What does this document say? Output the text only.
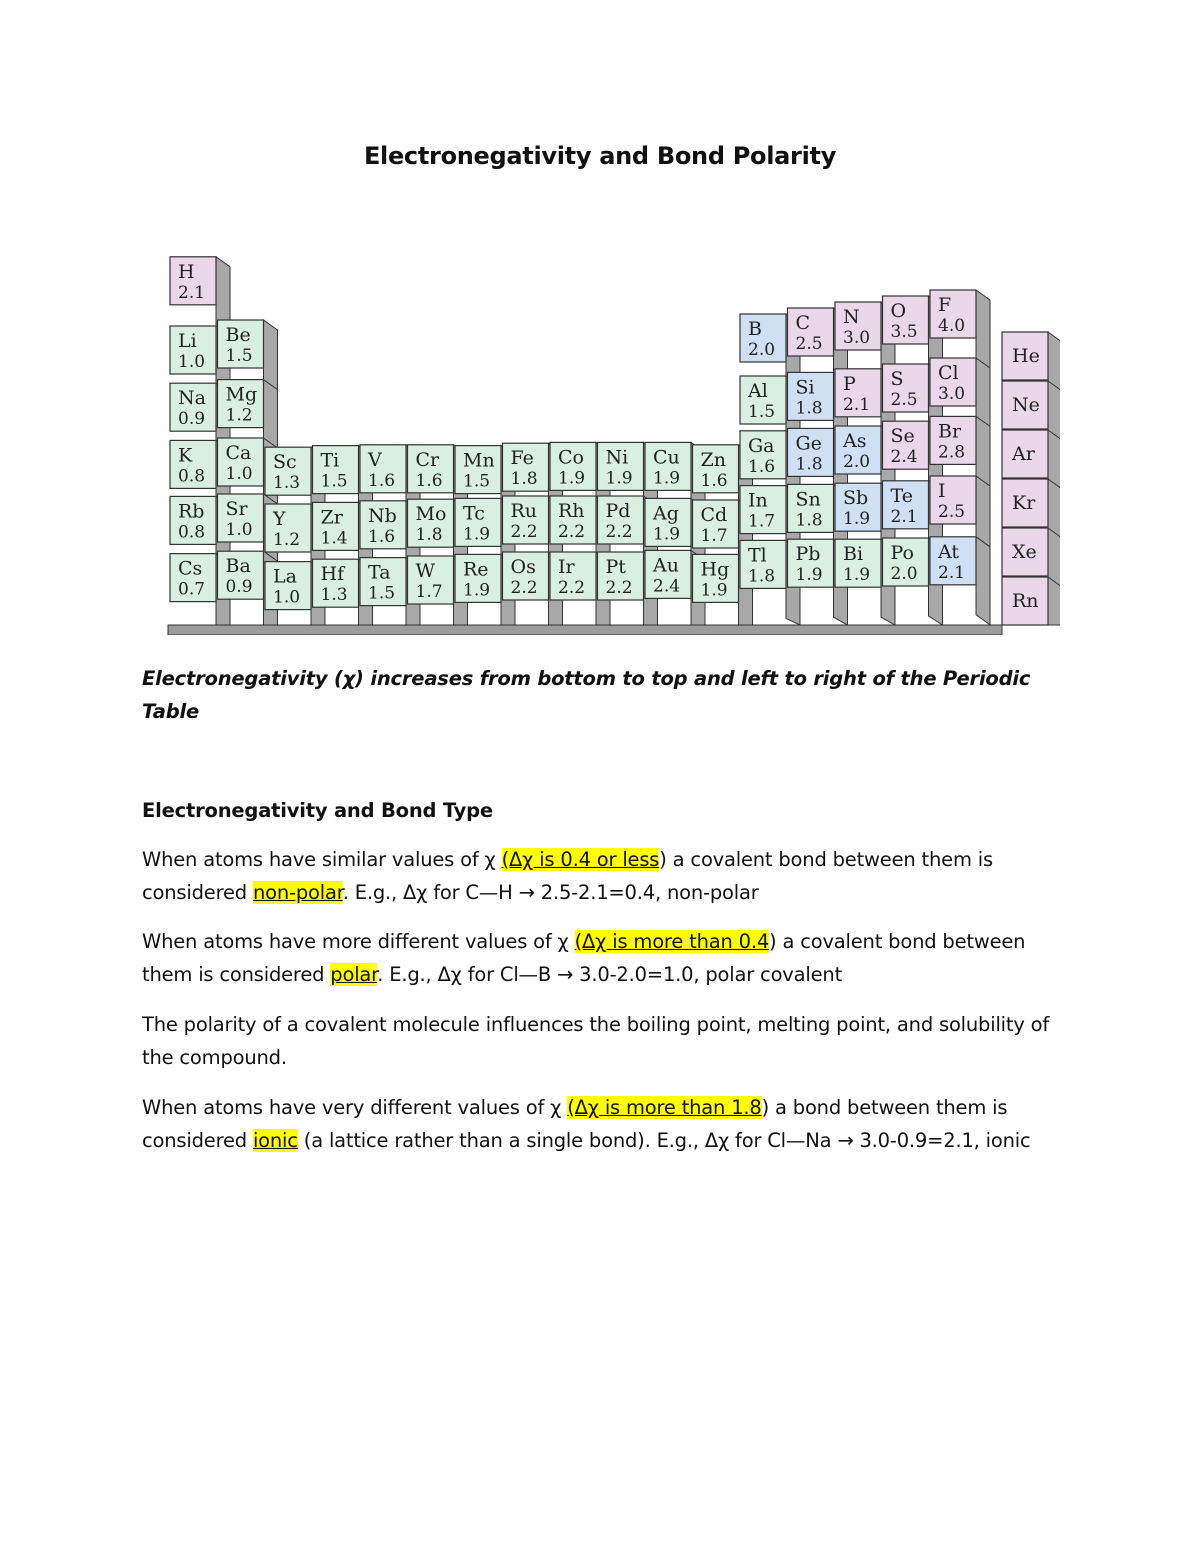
Electronegativity and Bond Polarity
H
2.1
He
Li
1.0
Be
1.5
B
2.0
C
2.5
N
3.0
O
3.5
F
4.0
Ne
Na
0.9
Mg
1.2
Al
1.5
Si
1.8
P
2.1
S
2.5
Cl
3.0
Ar
K
0.8
Ca
1.0
Sc
1.3
Ti
1.5
V
1.6
Cr
1.6
Mn
1.5
Fe
1.8
Co
1.9
Ni
1.9
Cu
1.9
Zn
1.6
Ga
1.6
Ge
1.8
As
2.0
Se
2.4
Br
2.8
Kr
Rb
0.8
Sr
1.0 Y
1.2
Zr
1.4
Nb
1.6
Mo
1.8
Tc
1.9
Ru
2.2
Rh
2.2
Pd
2.2
Ag
1.9
Cd
1.7
In
1.7
Sn
1.8
Sb
1.9
Te
2.1
I
2.5
Xe
Cs
0.7
Ba
0.9 La
1.0
Hf
1.3
Ta
1.5
W
1.7
Re
1.9
Os
2.2
Ir
2.2
Pt
2.2
Au
2.4
Hg
1.9
Tl
1.8
Pb
1.9
Bi
1.9
Po
2.0
At
2.1
Rn
Electronegativity (χ) increases from bottom to top and left to right of the Periodic Table
Electronegativity and Bond Type
When atoms have similar values of χ (Δχ is 0.4 or less) a covalent bond between them is considered non-polar. E.g., Δχ for C—H → 2.5-2.1=0.4, non-polar
When atoms have more different values of χ (Δχ is more than 0.4) a covalent bond between them is considered polar. E.g., Δχ for Cl—B → 3.0-2.0=1.0, polar covalent
The polarity of a covalent molecule influences the boiling point, melting point, and solubility of the compound.
When atoms have very different values of χ (Δχ is more than 1.8) a bond between them is considered ionic (a lattice rather than a single bond). E.g., Δχ for Cl—Na → 3.0-0.9=2.1, ionic
